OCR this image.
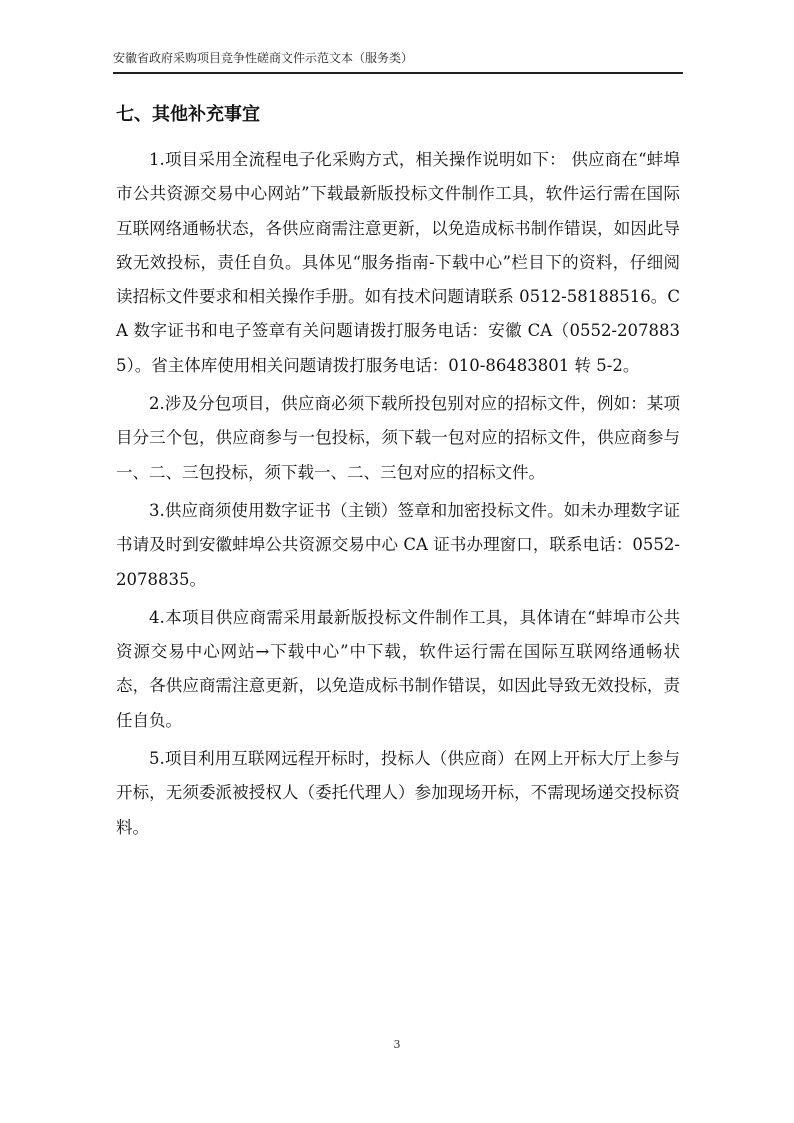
安徽省政府采购项目竞争性磋商文件示范文本（服务类）
七、其他补充事宜

1.项目采用全流程电子化采购方式，相关操作说明如下： 供应商在“蚌埠市公共资源交易中心网站”下载最新版投标文件制作工具，软件运行需在国际互联网络通畅状态，各供应商需注意更新，以免造成标书制作错误，如因此导致无效投标，责任自负。具体见“服务指南-下载中心”栏目下的资料，仔细阅读招标文件要求和相关操作手册。如有技术问题请联系 0512-58188516。CA 数字证书和电子签章有关问题请拨打服务电话：安徽 CA（0552-2078835）。省主体库使用相关问题请拨打服务电话：010-86483801 转 5-2。

2.涉及分包项目，供应商必须下载所投包别对应的招标文件，例如：某项目分三个包，供应商参与一包投标，须下载一包对应的招标文件，供应商参与一、二、三包投标，须下载一、二、三包对应的招标文件。

3.供应商须使用数字证书（主锁）签章和加密投标文件。如未办理数字证书请及时到安徽蚌埠公共资源交易中心 CA 证书办理窗口，联系电话：0552-2078835。

4.本项目供应商需采用最新版投标文件制作工具，具体请在“蚌埠市公共资源交易中心网站→下载中心”中下载，软件运行需在国际互联网络通畅状态，各供应商需注意更新，以免造成标书制作错误，如因此导致无效投标，责任自负。

5.项目利用互联网远程开标时，投标人（供应商）在网上开标大厅上参与开标，无须委派被授权人（委托代理人）参加现场开标，不需现场递交投标资料。

3
